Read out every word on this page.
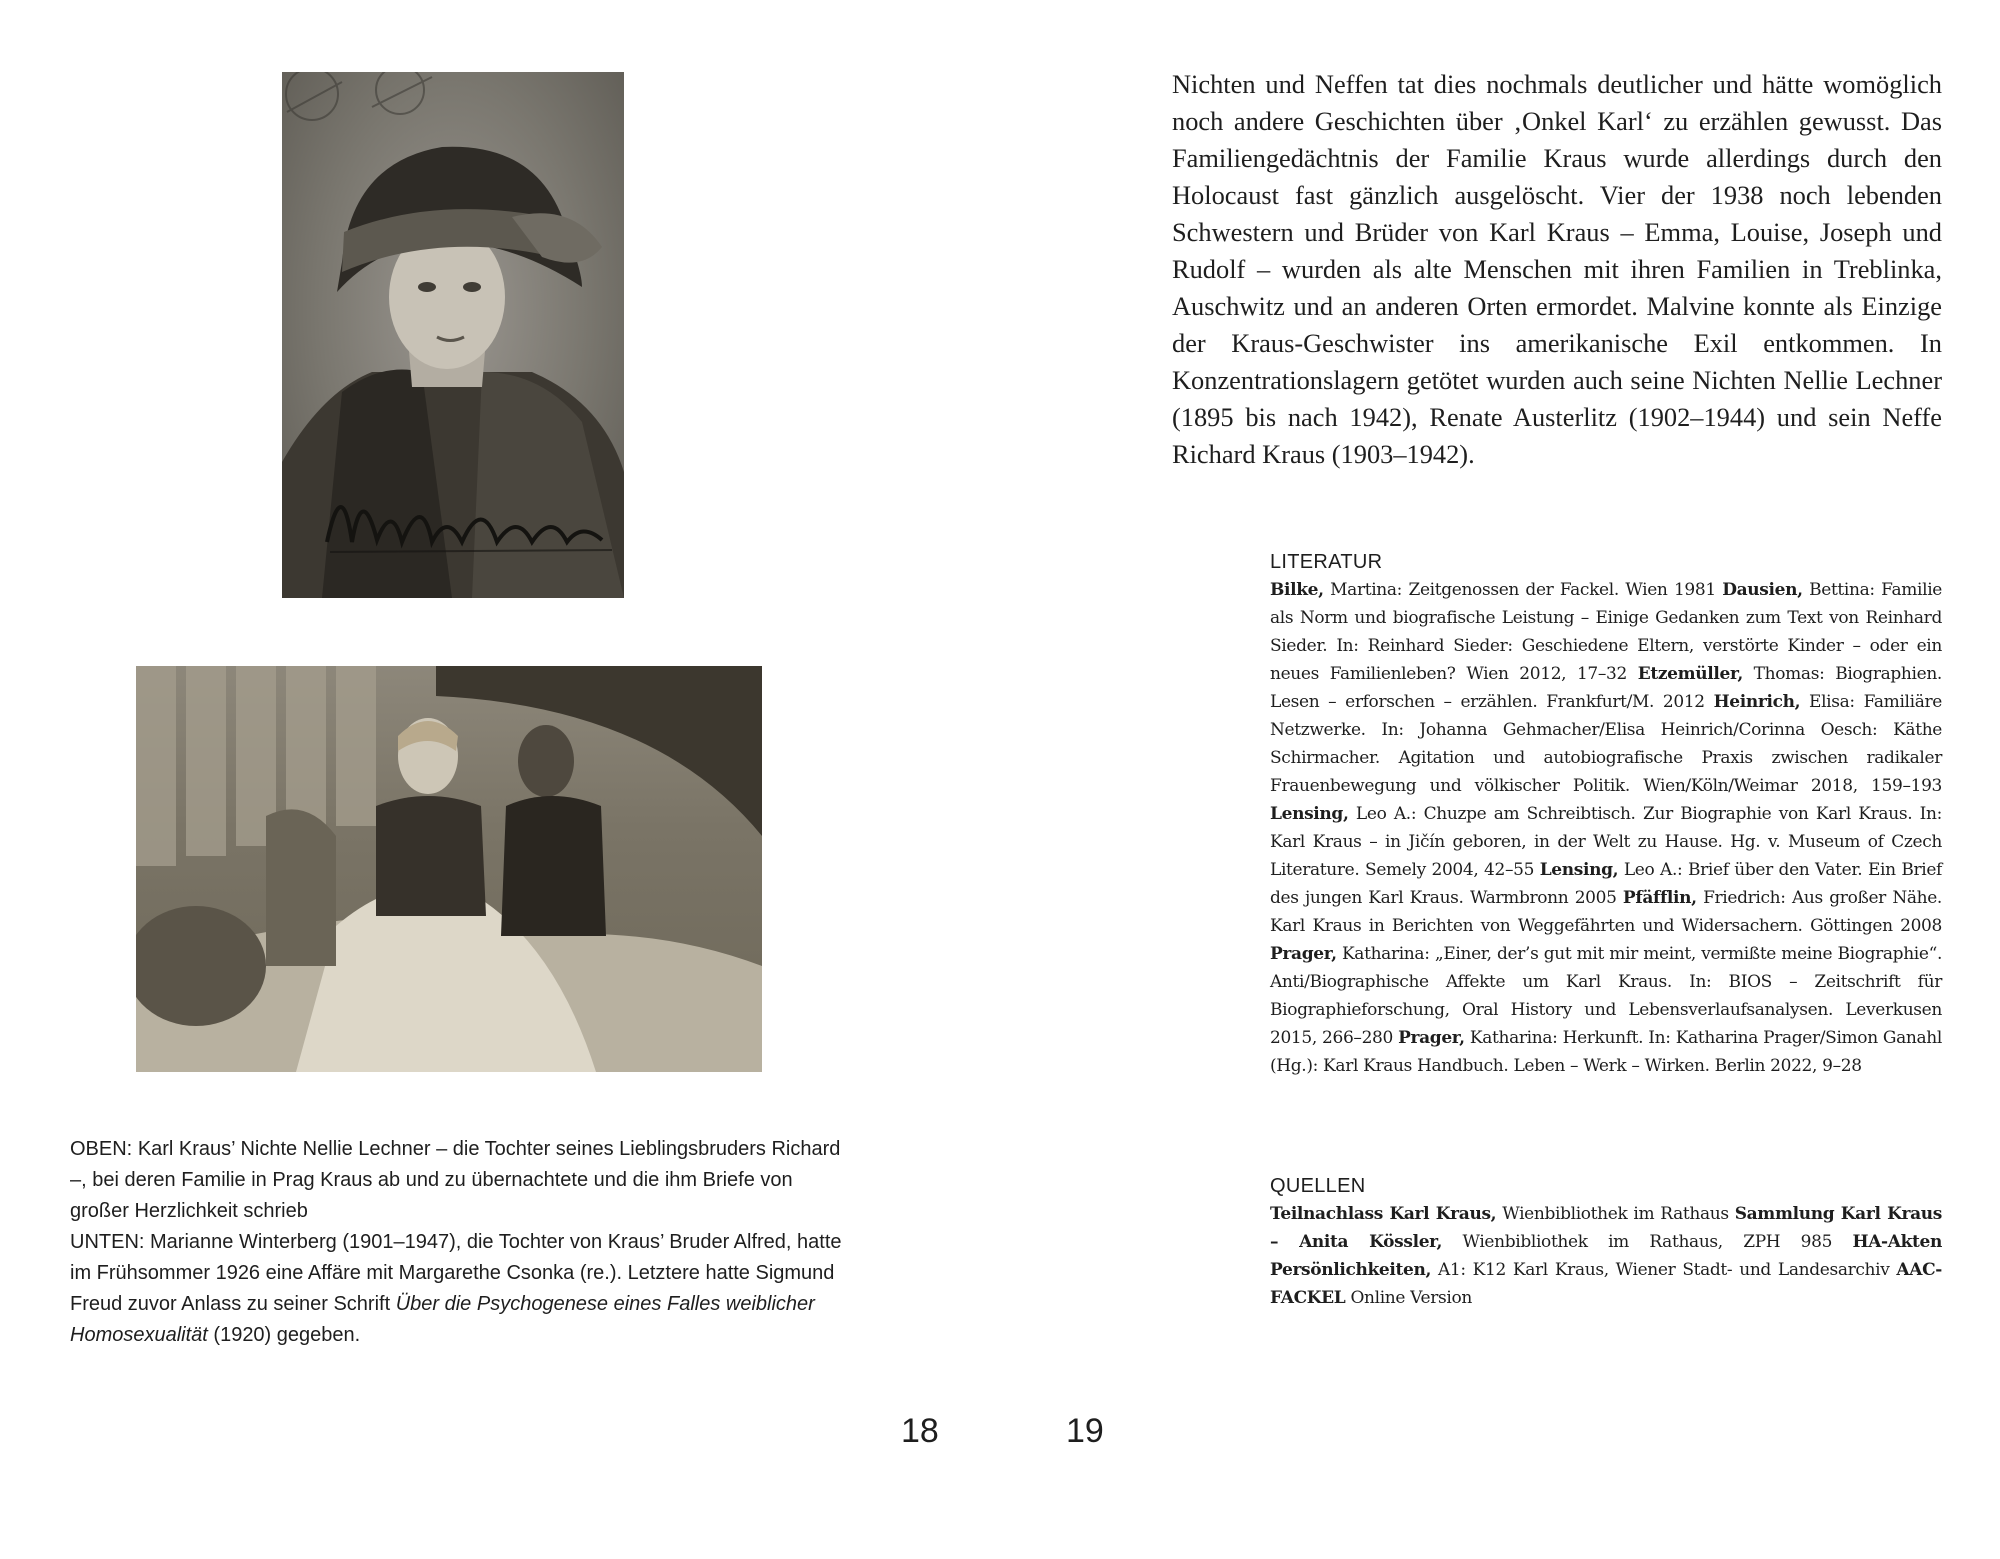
OBEN: Karl Kraus’ Nichte Nellie Lechner – die Tochter seines Lieblingsbruders Richard –, bei deren Familie in Prag Kraus ab und zu übernachtete und die ihm Briefe von großer Herzlichkeit schrieb

UNTEN: Marianne Winterberg (1901–1947), die Tochter von Kraus’ Bruder Alfred, hatte im Frühsommer 1926 eine Affäre mit Margarethe Csonka (re.). Letztere hatte Sigmund Freud zuvor Anlass zu seiner Schrift Über die Psychogenese eines Falles weiblicher Homosexualität (1920) gegeben.

18
Nichten und Neffen tat dies nochmals deutlicher und hätte womöglich noch andere Geschichten über ‚Onkel Karl‘ zu erzählen gewusst. Das Familiengedächtnis der Familie Kraus wurde allerdings durch den Holocaust fast gänzlich ausgelöscht. Vier der 1938 noch lebenden Schwestern und Brüder von Karl Kraus – Emma, Louise, Joseph und Rudolf – wurden als alte Menschen mit ihren Familien in Treblinka, Auschwitz und an anderen Orten ermordet. Malvine konnte als Einzige der Kraus-Geschwister ins amerikanische Exil entkommen. In Konzentrationslagern getötet wurden auch seine Nichten Nellie Lechner (1895 bis nach 1942), Renate Austerlitz (1902–1944) und sein Neffe Richard Kraus (1903–1942).
LITERATUR

Bilke, Martina: Zeitgenossen der Fackel. Wien 1981 Dausien, Bettina: Familie als Norm und biografische Leistung – Einige Gedanken zum Text von Reinhard Sieder. In: Reinhard Sieder: Geschiedene Eltern, verstörte Kinder – oder ein neues Familienleben? Wien 2012, 17–32 Etzemüller, Thomas: Biographien. Lesen – erforschen – erzählen. Frankfurt/M. 2012 Heinrich, Elisa: Familiäre Netzwerke. In: Johanna Gehmacher/Elisa Heinrich/Corinna Oesch: Käthe Schirmacher. Agitation und autobiografische Praxis zwischen radikaler Frauenbewegung und völkischer Politik. Wien/Köln/Weimar 2018, 159–193 Lensing, Leo A.: Chuzpe am Schreibtisch. Zur Biographie von Karl Kraus. In: Karl Kraus – in Jičín geboren, in der Welt zu Hause. Hg. v. Museum of Czech Literature. Semely 2004, 42–55 Lensing, Leo A.: Brief über den Vater. Ein Brief des jungen Karl Kraus. Warmbronn 2005 Pfäfflin, Friedrich: Aus großer Nähe. Karl Kraus in Berichten von Weggefährten und Widersachern. Göttingen 2008 Prager, Katharina: „Einer, der’s gut mit mir meint, vermißte meine Biographie“. Anti/Biographische Affekte um Karl Kraus. In: BIOS – Zeitschrift für Biographieforschung, Oral History und Lebensverlaufsanalysen. Leverkusen 2015, 266–280 Prager, Katharina: Herkunft. In: Katharina Prager/Simon Ganahl (Hg.): Karl Kraus Handbuch. Leben – Werk – Wirken. Berlin 2022, 9–28

QUELLEN

Teilnachlass Karl Kraus, Wienbibliothek im Rathaus Sammlung Karl Kraus – Anita Kössler, Wienbibliothek im Rathaus, ZPH 985 HA-Akten Persönlichkeiten, A1: K12 Karl Kraus, Wiener Stadt- und Landesarchiv AAC-FACKEL Online Version

19
